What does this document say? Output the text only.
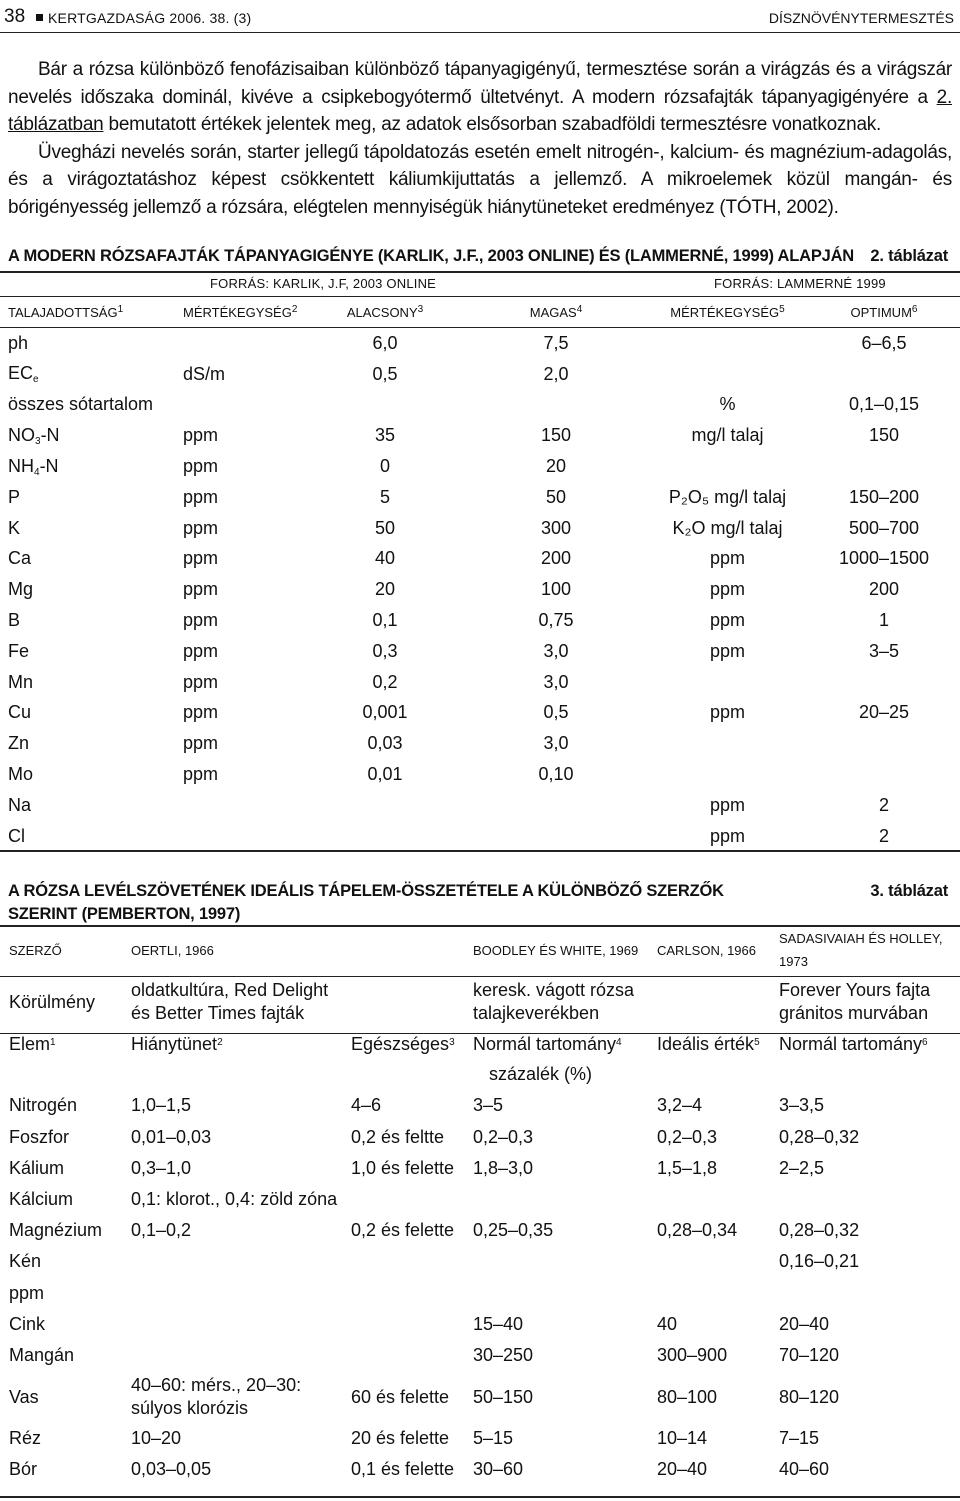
38 KERTGAZDASÁG 2006. 38. (3)	DÍSZNÖVÉNYTERMESZTÉS

Bár a rózsa különböző fenofázisaiban különböző tápanyagigényű, termesztése során a virágzás és a virágszár nevelés időszaka dominál, kivéve a csipkebogyótermő ültetvényt. A modern rózsafajták tápanyagigényére a 2. táblázatban bemutatott értékek jelentek meg, az adatok elsősorban szabadföldi termesztésre vonatkoznak.

Üvegházi nevelés során, starter jellegű tápoldatozás esetén emelt nitrogén-, kalcium- és magnézium-adagolás, és a virágoztatáshoz képest csökkentett káliumkijuttatás a jellemző. A mikroelemek közül mangán- és bórigényesség jellemző a rózsára, elégtelen mennyiségük hiánytüneteket eredményez (TÓTH, 2002).

A MODERN RÓZSAFAJTÁK TÁPANYAGIGÉNYE (KARLIK, J.F., 2003 ONLINE) ÉS (LAMMERNÉ, 1999) ALAPJÁN 2. táblázat
FORRÁS: KARLIK, J.F, 2003 ONLINE	FORRÁS: LAMMERNÉ 1999
TALAJADOTTSÁG$^1$	MÉRTÉKEGYSÉG$^2$	ALACSONY$^3$	MAGAS$^4$	MÉRTÉKEGYSÉG$^5$	OPTIMUM$^6$
ph		6,0	7,5		6–6,5
$EC_e$	dS/m	0,5	2,0		
összes sótartalom				%	0,1–0,15
$NO_3-N$	ppm	35	150	mg/l talaj	150
$NH_4-N$	ppm	0	20		
P	ppm	5	50	P₂O₅ mg/l talaj	150–200
K	ppm	50	300	K₂O mg/l talaj	500–700
Ca	ppm	40	200	ppm	1000–1500
Mg	ppm	20	100	ppm	200
B	ppm	0,1	0,75	ppm	1
Fe	ppm	0,3	3,0	ppm	3–5
Mn	ppm	0,2	3,0		
Cu	ppm	0,001	0,5	ppm	20–25
Zn	ppm	0,03	3,0		
Mo	ppm	0,01	0,10		
Na				ppm	2
Cl				ppm	2
A RÓZSA LEVÉLSZÖVETÉNEK IDEÁLIS TÁPELEM-ÖSSZETÉTELE A KÜLÖNBÖZŐ SZERZŐK
SZERINT (PEMBERTON, 1997)
3. táblázat
SZERZŐ	OERTLI, 1966		BOODLEY ÉS WHITE, 1969	CARLSON, 1966	SADASIVAIAH ÉS HOLLEY, 1973
Körülmény	oldatkultúra, Red Delight és Better Times fajták		keresk. vágott rózsa talajkeverékben		Forever Yours fajta gránitos murvában
Elem$^1$	Hiánytünet$^2$	Egészséges$^3$	Normál tartomány$^4$	Ideális érték$^5$	Normál tartomány$^6$
			százalék (%)		
Nitrogén	1,0–1,5	4–6	3–5	3,2–4	3–3,5
Foszfor	0,01–0,03	0,2 és feltte	0,2–0,3	0,2–0,3	0,28–0,32
Kálium	0,3–1,0	1,0 és felette	1,8–3,0	1,5–1,8	2–2,5
Kálcium	0,1: klorot., 0,4: zöld zóna				
Magnézium	0,1–0,2	0,2 és felette	0,25–0,35	0,28–0,34	0,28–0,32
Kén					0,16–0,21
ppm					
Cink			15–40	40	20–40
Mangán			30–250	300–900	70–120
Vas	40–60: mérs., 20–30: súlyos klorózis	60 és felette	50–150	80–100	80–120
Réz	10–20	20 és felette	5–15	10–14	7–15
Bór	0,03–0,05	0,1 és felette	30–60	20–40	40–60
